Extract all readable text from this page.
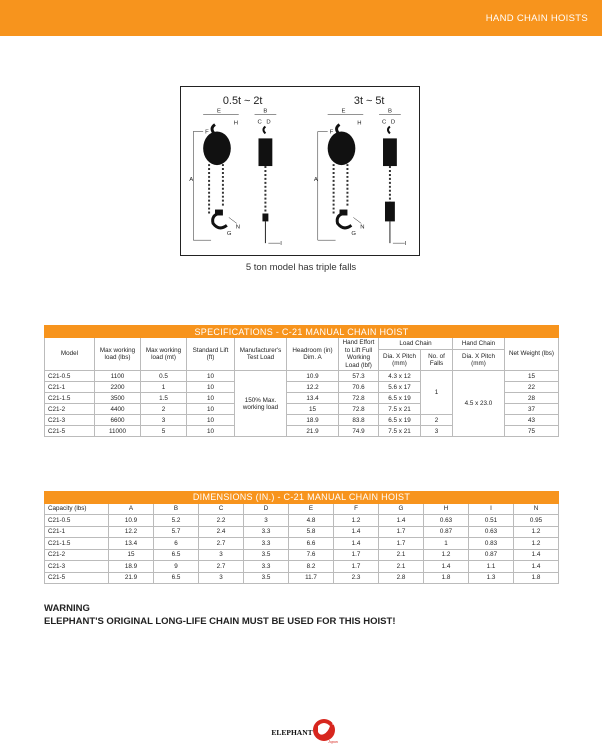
HAND CHAIN HOISTS
0.5t ~ 2t	3t ~ 5t
A
E
H
F
N
G
B
C D
I
A
E
H
F
N
G
B
C D
I
5 ton model has triple falls
SPECIFICATIONS - C-21 MANUAL CHAIN HOIST										
Model	Max working load (lbs)	Max working load (mt)	Standard Lift (ft)	Manufacturer's Test Load	Headroom (in) Dim. A	Hand Effort to Lift Full Working Load (lbf)	Load Chain		Hand Chain	Net Weight (lbs)
							Dia. X Pitch (mm)	No. of Falls	Dia. X Pitch (mm)	
C21-0.5	1100	0.5	10	150% Max. working load	10.9	57.3	4.3 x 12	1	4.5 x 23.0	15
C21-1	2200	1	10		12.2	70.6	5.6 x 17			22
C21-1.5	3500	1.5	10		13.4	72.8	6.5 x 19			28
C21-2	4400	2	10		15	72.8	7.5 x 21			37
C21-3	6600	3	10		18.9	83.8	6.5 x 19	2		43
C21-5	11000	5	10		21.9	74.9	7.5 x 21	3		75
DIMENSIONS (IN.) - C-21 MANUAL CHAIN HOIST										
Capacity (lbs)	A	B	C	D	E	F	G	H	I	N
C21-0.5	10.9	5.2	2.2	3	4.8	1.2	1.4	0.63	0.51	0.95
C21-1	12.2	5.7	2.4	3.3	5.8	1.4	1.7	0.87	0.63	1.2
C21-1.5	13.4	6	2.7	3.3	6.6	1.4	1.7	1	0.83	1.2
C21-2	15	6.5	3	3.5	7.6	1.7	2.1	1.2	0.87	1.4
C21-3	18.9	9	2.7	3.3	8.2	1.7	2.1	1.4	1.1	1.4
C21-5	21.9	6.5	3	3.5	11.7	2.3	2.8	1.8	1.3	1.8
WARNING
ELEPHANT'S ORIGINAL LONG-LIFE CHAIN MUST BE USED FOR THIS HOIST!
ELEPHANT
made in
Japan
